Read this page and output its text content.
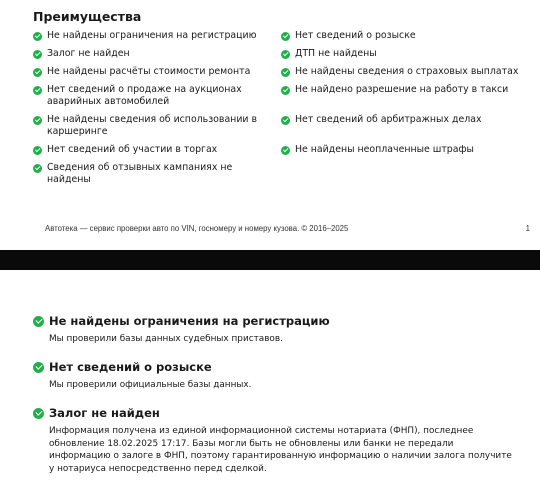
Преимущества
Не найдены ограничения на регистрацию
Залог не найден
Не найдены расчёты стоимости ремонта
Нет сведений о продаже на аукционах аварийных автомобилей
Не найдены сведения об использовании в каршеринге
Нет сведений об участии в торгах
Сведения об отзывных кампаниях не найдены
Нет сведений о розыске
ДТП не найдены
Не найдены сведения о страховых выплатах
Не найдено разрешение на работу в такси
Нет сведений об арбитражных делах
Не найдены неоплаченные штрафы
Автотека — сервис проверки авто по VIN, госномеру и номеру кузова. © 2016–2025	1
Не найдены ограничения на регистрацию
Мы проверили базы данных судебных приставов.
Нет сведений о розыске
Мы проверили официальные базы данных.
Залог не найден
Информация получена из единой информационной системы нотариата (ФНП), последнее обновление 18.02.2025 17:17. Базы могли быть не обновлены или банки не передали информацию о залоге в ФНП, поэтому гарантированную информацию о наличии залога получите у нотариуса непосредственно перед сделкой.
